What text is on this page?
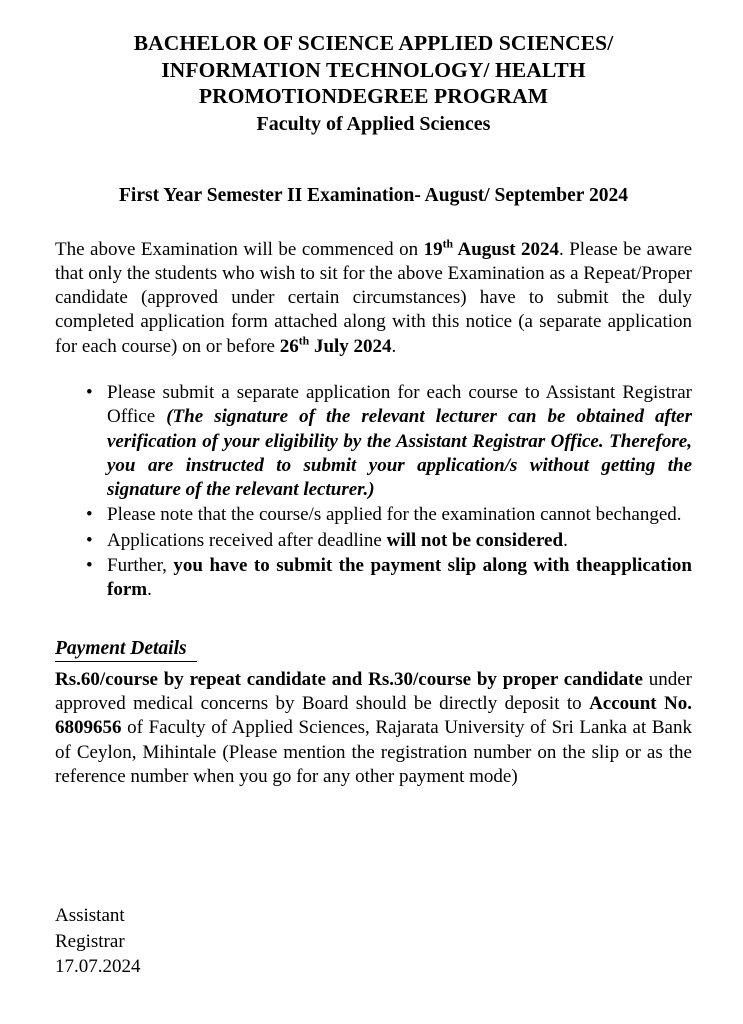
BACHELOR OF SCIENCE APPLIED SCIENCES/
INFORMATION TECHNOLOGY/ HEALTH
PROMOTIONDEGREE PROGRAM
Faculty of Applied Sciences
First Year Semester II Examination- August/ September 2024

The above Examination will be commenced on 19th August 2024. Please be aware that only the students who wish to sit for the above Examination as a Repeat/Proper candidate (approved under certain circumstances) have to submit the duly completed application form attached along with this notice (a separate application for each course) on or before 26th July 2024.

• Please submit a separate application for each course to Assistant Registrar Office (The signature of the relevant lecturer can be obtained after verification of your eligibility by the Assistant Registrar Office. Therefore, you are instructed to submit your application/s without getting the signature of the relevant lecturer.)
• Please note that the course/s applied for the examination cannot bechanged.
• Applications received after deadline will not be considered.
• Further, you have to submit the payment slip along with theapplication form.
Payment Details

Rs.60/course by repeat candidate and Rs.30/course by proper candidate under approved medical concerns by Board should be directly deposit to Account No. 6809656 of Faculty of Applied Sciences, Rajarata University of Sri Lanka at Bank of Ceylon, Mihintale (Please mention the registration number on the slip or as the reference number when you go for any other payment mode)

Assistant
Registrar
17.07.2024
